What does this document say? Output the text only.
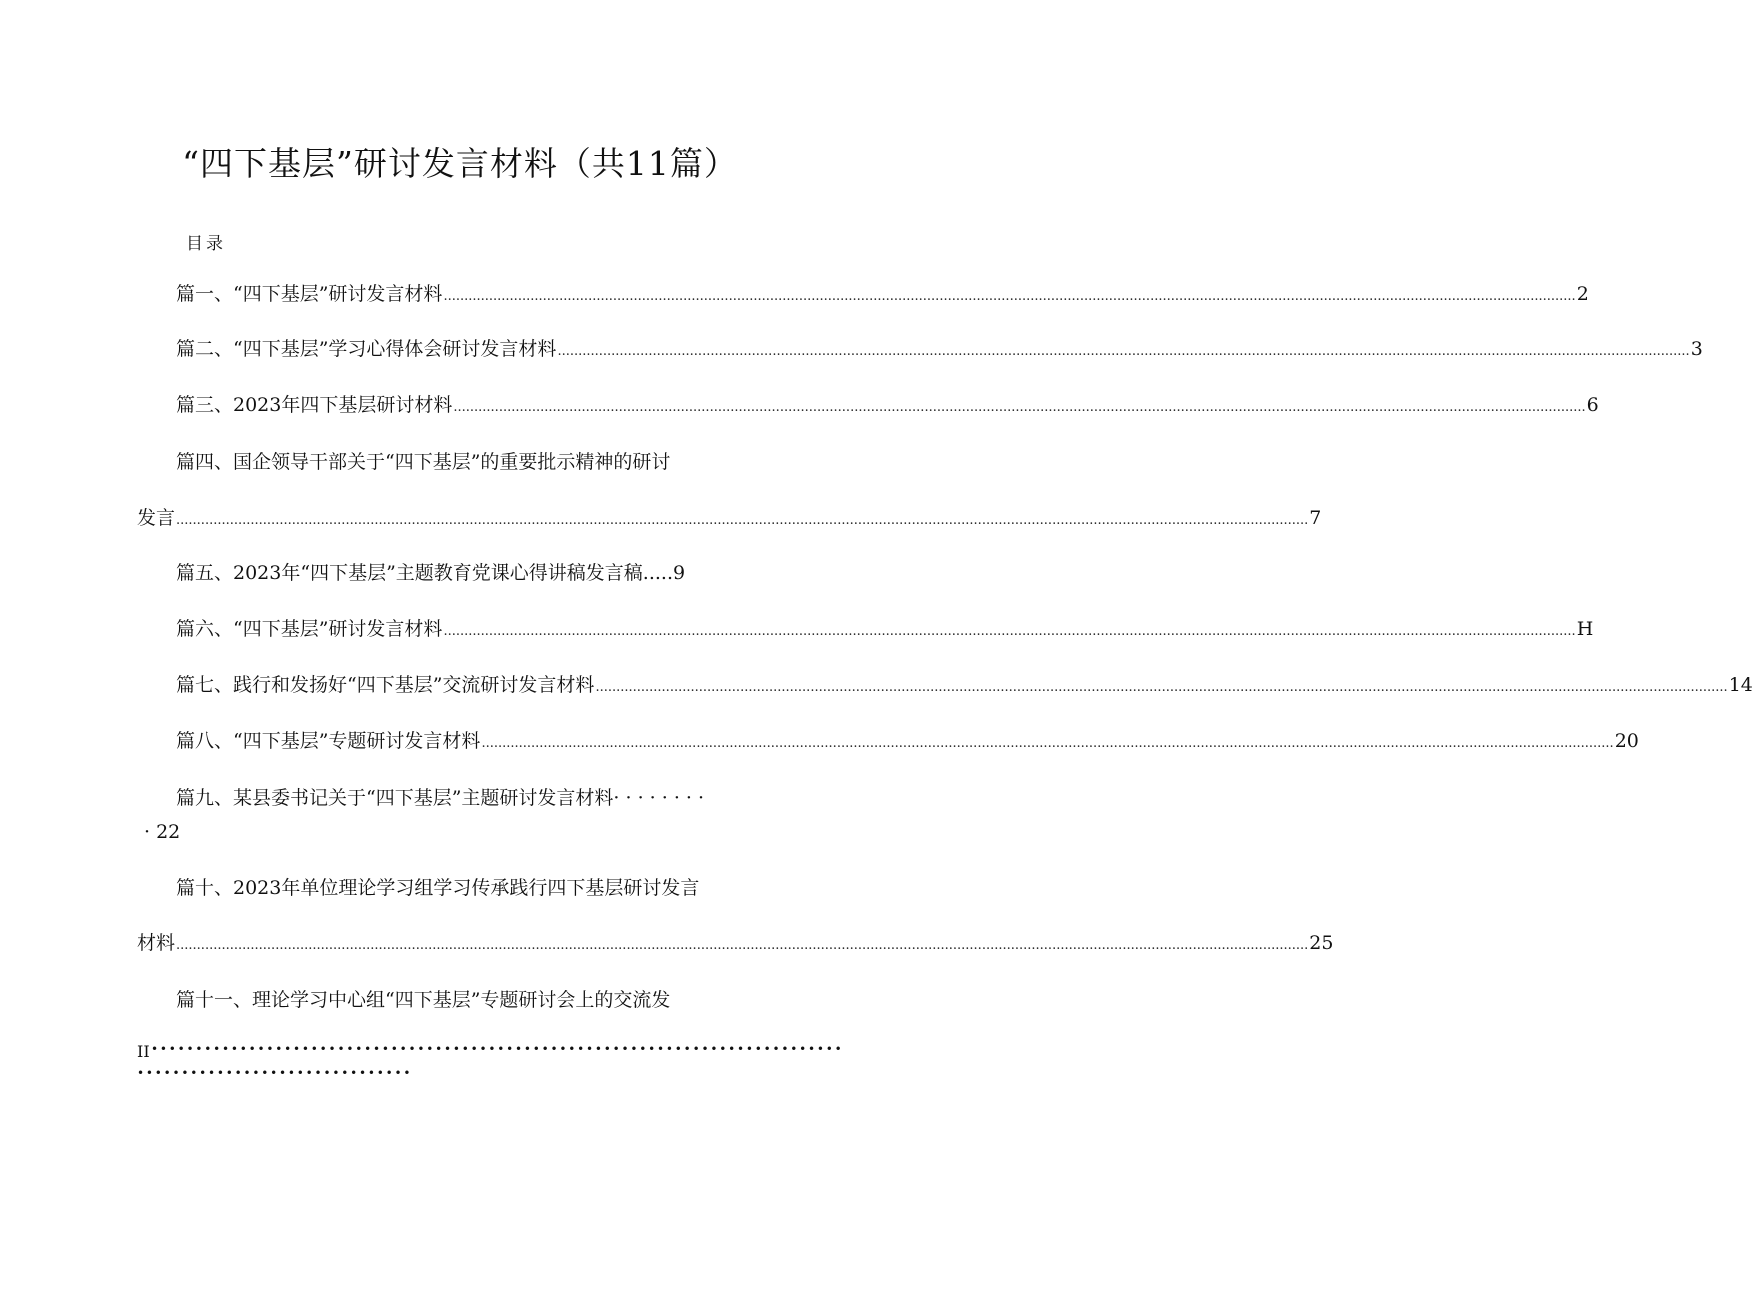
“四下基层”研讨发言材料（共11篇）
目录
篇一、“四下基层”研讨发言材料 .....	2
篇二、“四下基层”学习心得体会研讨发言材料 .....	3
篇三、2023年四下基层研讨材料 .....	6
篇四、国企领导干部关于“四下基层”的重要批示精神的研讨
发言 .....	7
篇五、2023年“四下基层”主题教育党课心得讲稿发言稿.....9
篇六、“四下基层”研讨发言材料 .....	H
篇七、践行和发扬好“四下基层”交流研讨发言材料 .....	14
篇八、“四下基层”专题研讨发言材料 .....	20
篇九、某县委书记关于“四下基层”主题研讨发言材料· · · · · · · ·
· 22
篇十、2023年单位理论学习组学习传承践行四下基层研讨发言
材料 .....	25
篇十一、理论学习中心组“四下基层”专题研讨会上的交流发
II ••••••••••••••••••••••••••••••••••••••••••••••••••••••••••••••••••••••••••••••
•••••••••••••••••••••••••••••••
